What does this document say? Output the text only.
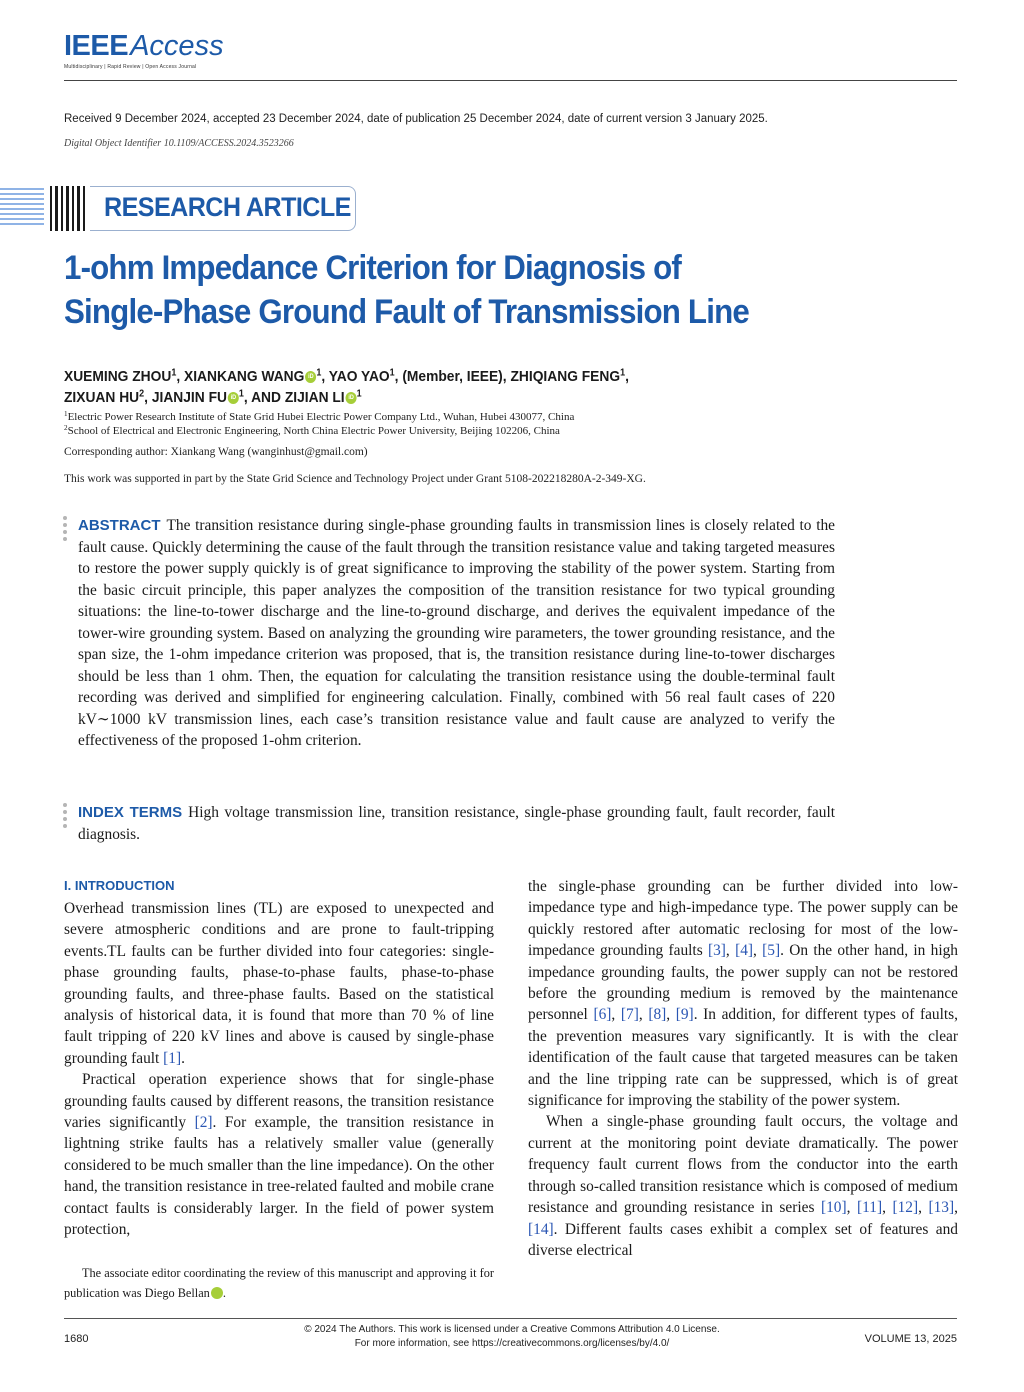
IEEEAccess
Multidisciplinary | Rapid Review | Open Access Journal
Received 9 December 2024, accepted 23 December 2024, date of publication 25 December 2024, date of current version 3 January 2025.
Digital Object Identifier 10.1109/ACCESS.2024.3523266
RESEARCH ARTICLE
1-ohm Impedance Criterion for Diagnosis of
Single-Phase Ground Fault of Transmission Line
XUEMING ZHOU$^1$, XIANKANG WANG iD $^1$, YAO YAO$^1$, (Member, IEEE), ZHIQIANG FENG$^1$,
ZIXUAN $HU^2$, JIANJIN FU iD $^1$, AND ZIJIAN LI iD $^1$
$^1$Electric Power Research Institute of State Grid Hubei Electric Power Company Ltd., Wuhan, Hubei 430077, China
$^2$School of Electrical and Electronic Engineering, North China Electric Power University, Beijing 102206, China
Corresponding author: Xiankang Wang (wanginhust@gmail.com)
This work was supported in part by the State Grid Science and Technology Project under Grant 5108-202218280A-2-349-XG.
ABSTRACT The transition resistance during single-phase grounding faults in transmission lines is closely related to the fault cause. Quickly determining the cause of the fault through the transition resistance value and taking targeted measures to restore the power supply quickly is of great significance to improving the stability of the power system. Starting from the basic circuit principle, this paper analyzes the composition of the transition resistance for two typical grounding situations: the line-to-tower discharge and the line-to-ground discharge, and derives the equivalent impedance of the tower-wire grounding system. Based on analyzing the grounding wire parameters, the tower grounding resistance, and the span size, the 1-ohm impedance criterion was proposed, that is, the transition resistance during line-to-tower discharges should be less than 1 ohm. Then, the equation for calculating the transition resistance using the double-terminal fault recording was derived and simplified for engineering calculation. Finally, combined with 56 real fault cases of 220 kV∼1000 kV transmission lines, each case’s transition resistance value and fault cause are analyzed to verify the effectiveness of the proposed 1-ohm criterion.
INDEX TERMS High voltage transmission line, transition resistance, single-phase grounding fault, fault recorder, fault diagnosis.
I. INTRODUCTION

Overhead transmission lines (TL) are exposed to unexpected and severe atmospheric conditions and are prone to fault-tripping events.TL faults can be further divided into four categories: single-phase grounding faults, phase-to-phase faults, phase-to-phase grounding faults, and three-phase faults. Based on the statistical analysis of historical data, it is found that more than 70 % of line fault tripping of 220 kV lines and above is caused by single-phase grounding fault [1].

Practical operation experience shows that for single-phase grounding faults caused by different reasons, the transition resistance varies significantly [2]. For example, the transition resistance in lightning strike faults has a relatively smaller value (generally considered to be much smaller than the line impedance). On the other hand, the transition resistance in tree-related faulted and mobile crane contact faults is considerably larger. In the field of power system protection,

the single-phase grounding can be further divided into low-impedance type and high-impedance type. The power supply can be quickly restored after automatic reclosing for most of the low-impedance grounding faults [3], [4], [5]. On the other hand, in high impedance grounding faults, the power supply can not be restored before the grounding medium is removed by the maintenance personnel [6], [7], [8], [9]. In addition, for different types of faults, the prevention measures vary significantly. It is with the clear identification of the fault cause that targeted measures can be taken and the line tripping rate can be suppressed, which is of great significance for improving the stability of the power system.

When a single-phase grounding fault occurs, the voltage and current at the monitoring point deviate dramatically. The power frequency fault current flows from the conductor into the earth through so-called transition resistance which is composed of medium resistance and grounding resistance in series [10], [11], [12], [13], [14]. Different faults cases exhibit a complex set of features and diverse electrical

The associate editor coordinating the review of this manuscript and approving it for publication was Diego Bellan	iD.
© 2024 The Authors. This work is licensed under a Creative Commons Attribution 4.0 License.
For more information, see https://creativecommons.org/licenses/by/4.0/
1680	VOLUME 13, 2025
